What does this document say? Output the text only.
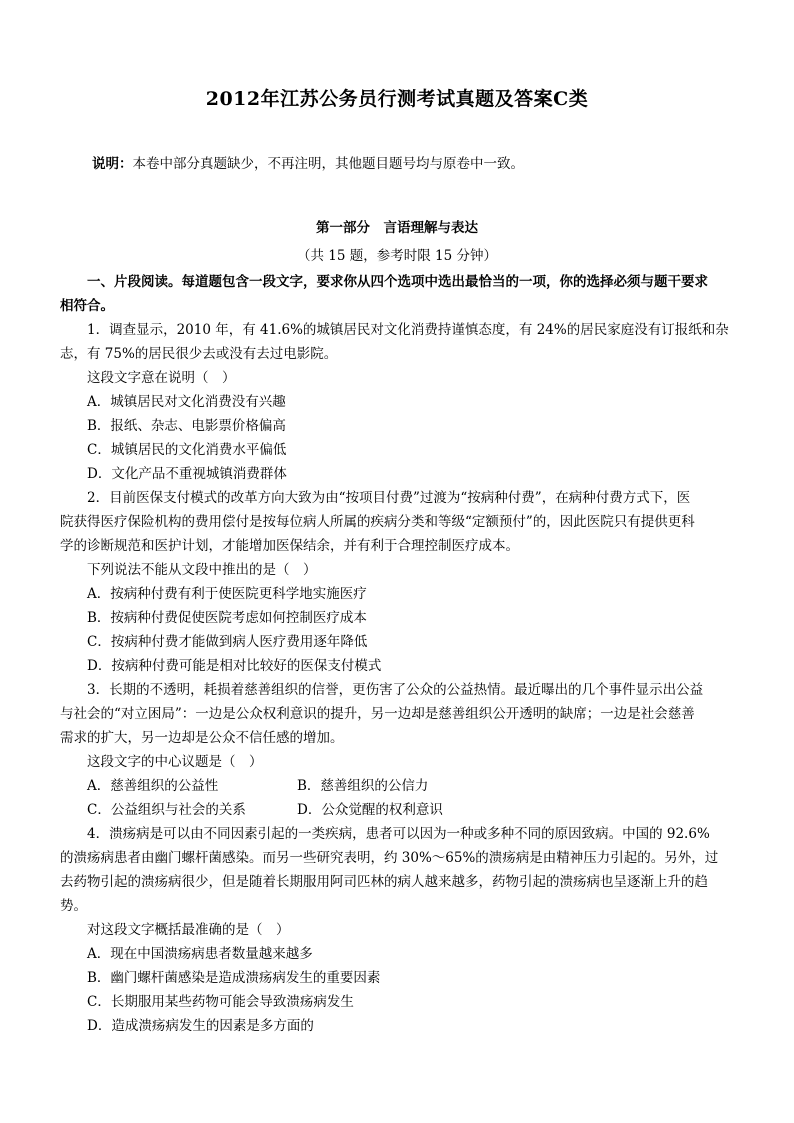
2012年江苏公务员行测考试真题及答案C类
说明：本卷中部分真题缺少，不再注明，其他题目题号均与原卷中一致。
第一部分　言语理解与表达
（共 15 题，参考时限 15 分钟）
一、片段阅读。每道题包含一段文字，要求你从四个选项中选出最恰当的一项，你的选择必须与题干要求
相符合。
1．调查显示，2010 年，有 41.6%的城镇居民对文化消费持谨慎态度，有 24%的居民家庭没有订报纸和杂
志，有 75%的居民很少去或没有去过电影院。
这段文字意在说明（　）
A．城镇居民对文化消费没有兴趣
B．报纸、杂志、电影票价格偏高
C．城镇居民的文化消费水平偏低
D．文化产品不重视城镇消费群体
2．目前医保支付模式的改革方向大致为由“按项目付费”过渡为“按病种付费”，在病种付费方式下，医
院获得医疗保险机构的费用偿付是按每位病人所属的疾病分类和等级“定额预付”的，因此医院只有提供更科
学的诊断规范和医护计划，才能增加医保结余，并有利于合理控制医疗成本。
下列说法不能从文段中推出的是（　）
A．按病种付费有利于使医院更科学地实施医疗
B．按病种付费促使医院考虑如何控制医疗成本
C．按病种付费才能做到病人医疗费用逐年降低
D．按病种付费可能是相对比较好的医保支付模式
3．长期的不透明，耗损着慈善组织的信誉，更伤害了公众的公益热情。最近曝出的几个事件显示出公益
与社会的“对立困局”：一边是公众权利意识的提升，另一边却是慈善组织公开透明的缺席；一边是社会慈善
需求的扩大，另一边却是公众不信任感的增加。
这段文字的中心议题是（　）
A．慈善组织的公益性	B．慈善组织的公信力
C．公益组织与社会的关系	D．公众觉醒的权利意识
4．溃疡病是可以由不同因素引起的一类疾病，患者可以因为一种或多种不同的原因致病。中国的 92.6%
的溃疡病患者由幽门螺杆菌感染。而另一些研究表明，约 30%～65%的溃疡病是由精神压力引起的。另外，过
去药物引起的溃疡病很少，但是随着长期服用阿司匹林的病人越来越多，药物引起的溃疡病也呈逐渐上升的趋
势。
对这段文字概括最准确的是（　）
A．现在中国溃疡病患者数量越来越多
B．幽门螺杆菌感染是造成溃疡病发生的重要因素
C．长期服用某些药物可能会导致溃疡病发生
D．造成溃疡病发生的因素是多方面的
